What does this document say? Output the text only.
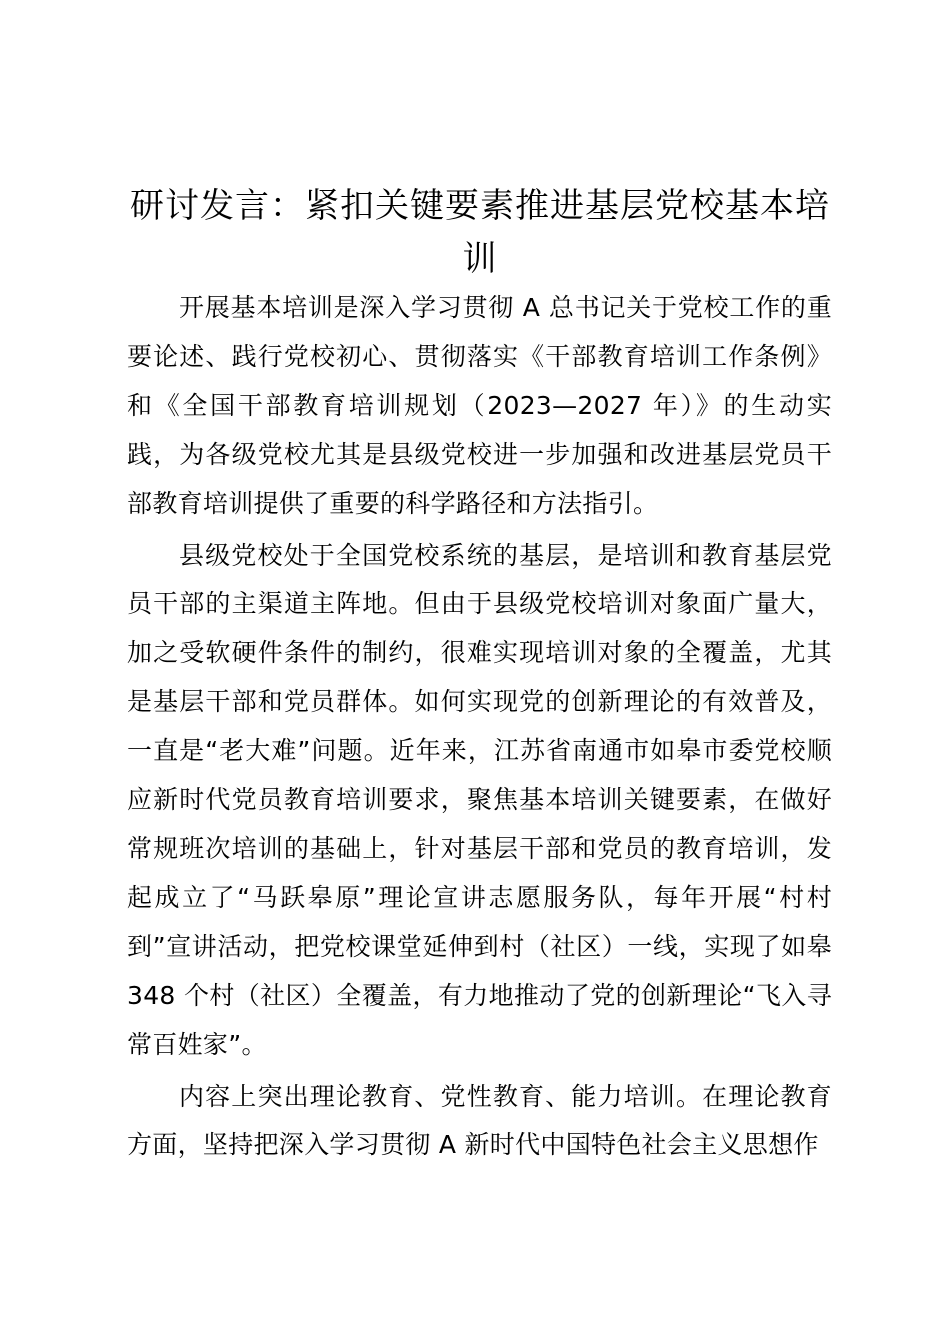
研讨发言：紧扣关键要素推进基层党校基本培训

开展基本培训是深入学习贯彻 A 总书记关于党校工作的重要论述、践行党校初心、贯彻落实《干部教育培训工作条例》和《全国干部教育培训规划（2023—2027 年）》的生动实践，为各级党校尤其是县级党校进一步加强和改进基层党员干部教育培训提供了重要的科学路径和方法指引。

县级党校处于全国党校系统的基层，是培训和教育基层党员干部的主渠道主阵地。但由于县级党校培训对象面广量大，加之受软硬件条件的制约，很难实现培训对象的全覆盖，尤其是基层干部和党员群体。如何实现党的创新理论的有效普及，一直是“老大难”问题。近年来，江苏省南通市如皋市委党校顺应新时代党员教育培训要求，聚焦基本培训关键要素，在做好常规班次培训的基础上，针对基层干部和党员的教育培训，发起成立了“马跃皋原”理论宣讲志愿服务队，每年开展“村村到”宣讲活动，把党校课堂延伸到村（社区）一线，实现了如皋 348 个村（社区）全覆盖，有力地推动了党的创新理论“飞入寻常百姓家”。

内容上突出理论教育、党性教育、能力培训。在理论教育方面，坚持把深入学习贯彻 A 新时代中国特色社会主义思想作
